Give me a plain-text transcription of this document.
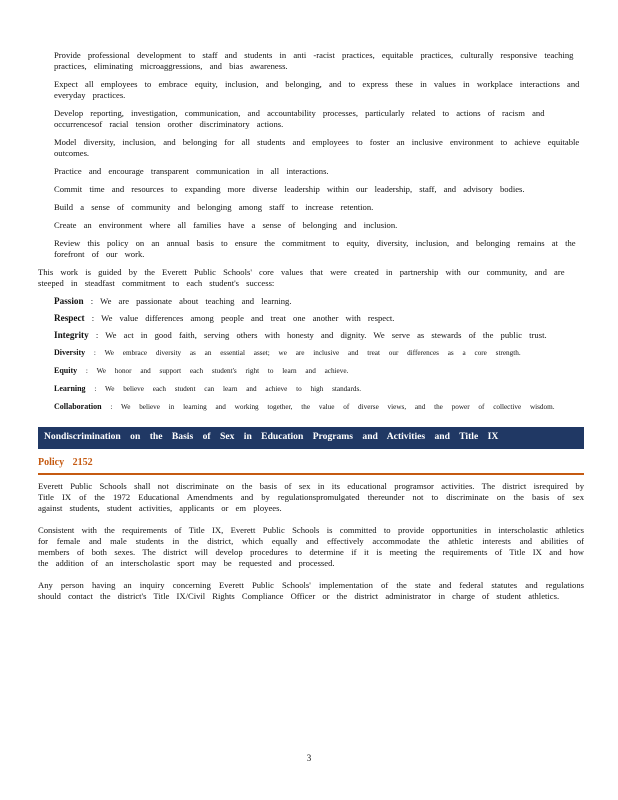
Provide professional development to staff and students in anti -racist practices, equitable practices, culturally responsive teaching practices, eliminating microaggressions, and bias awareness.
Expect all employees to embrace equity, inclusion, and belonging, and to express these in values in workplace interactions and everyday practices.
Develop reporting, investigation, communication, and accountability processes, particularly related to actions of racism and occurrencesof racial tension orother discriminatory actions.
Model diversity, inclusion, and belonging for all students and employees to foster an inclusive environment to achieve equitable outcomes.
Practice and encourage transparent communication in all interactions.
Commit time and resources to expanding more diverse leadership within our leadership, staff, and advisory bodies.
Build a sense of community and belonging among staff to increase retention.
Create an environment where all families have a sense of belonging and inclusion.
Review this policy on an annual basis to ensure the commitment to equity, diversity, inclusion, and belonging remains at the forefront of our work.
This work is guided by the Everett Public Schools' core values that were created in partnership with our community, and are steeped in steadfast commitment to each student's success:
Passion : We are passionate about teaching and learning.
Respect : We value differences among people and treat one another with respect.
Integrity : We act in good faith, serving others with honesty and dignity. We serve as stewards of the public trust.
Diversity : We embrace diversity as an essential asset; we are inclusive and treat our differences as a core strength.
Equity : We honor and support each student's right to learn and achieve.
Learning : We believe each student can learn and achieve to high standards.
Collaboration : We believe in learning and working together, the value of diverse views, and the power of collective wisdom.
Nondiscrimination on the Basis of Sex in Education Programs and Activities and Title IX
Policy 2152
Everett Public Schools shall not discriminate on the basis of sex in its educational programsor activities. The district isrequired by Title IX of the 1972 Educational Amendments and by regulationspromulgated thereunder not to discriminate on the basis of sex against students, student activities, applicants or em ployees.
Consistent with the requirements of Title IX, Everett Public Schools is committed to provide opportunities in interscholastic athletics for female and male students in the district, which equally and effectively accommodate the athletic interests and abilities of members of both sexes. The district will develop procedures to determine if it is meeting the requirements of Title IX and how the addition of an interscholastic sport may be requested and processed.
Any person having an inquiry concerning Everett Public Schools' implementation of the state and federal statutes and regulations should contact the district's Title IX/Civil Rights Compliance Officer or the district administrator in charge of student athletics.
3
